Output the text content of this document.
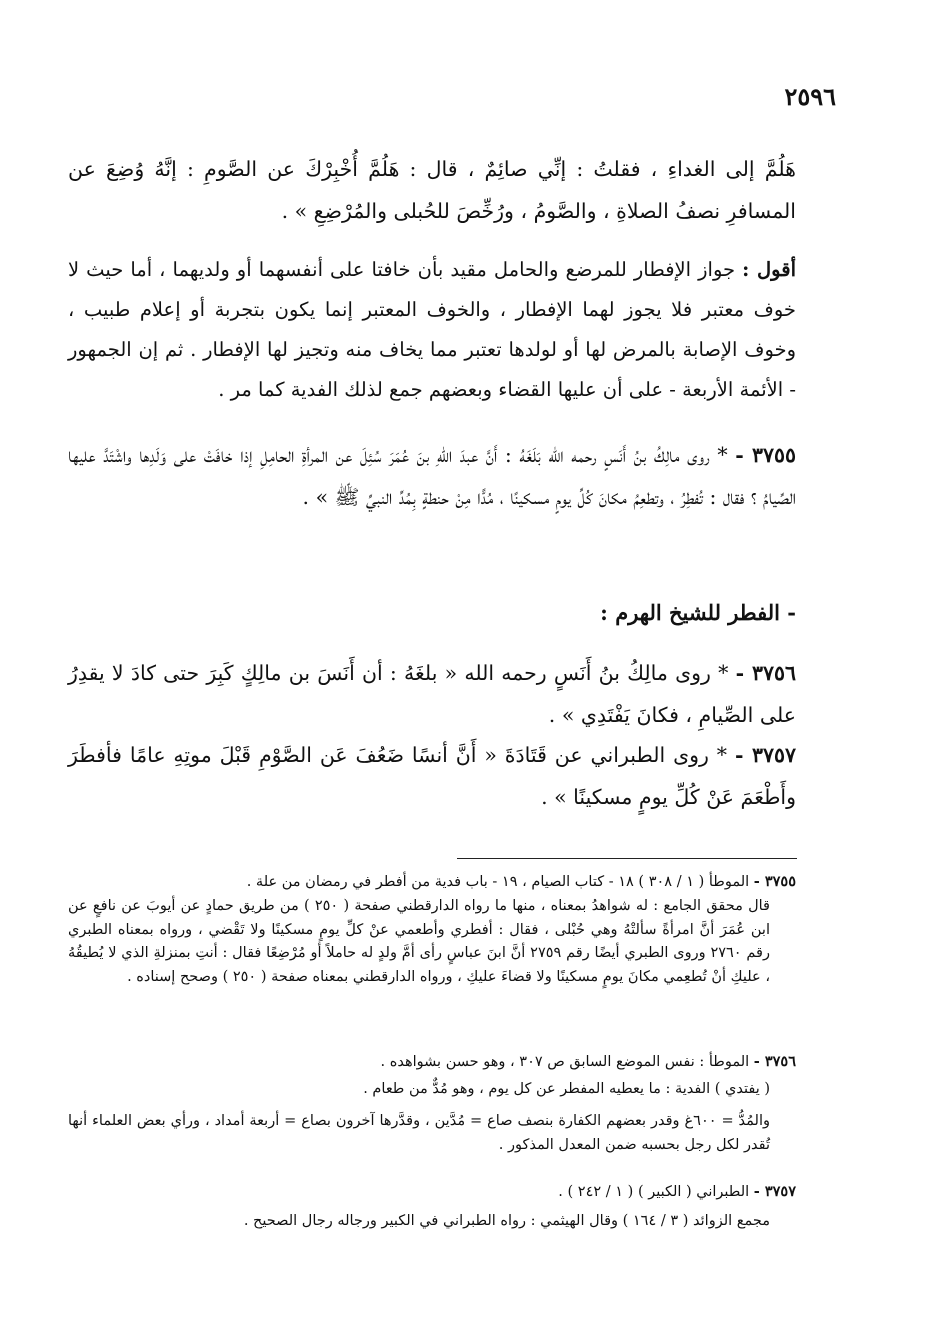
٢٥٩٦

هَلُمَّ إلى الغداءِ ، فقلتُ : إنِّي صائِمٌ ، قال : هَلُمَّ أُخْبِرْكَ عن الصَّومِ : إنَّهُ وُضِعَ عن المسافرِ نصفُ الصلاةِ ، والصَّومُ ، ورُخِّصَ للحُبلى والمُرْضِعِ » .

أقول : جواز الإفطار للمرضع والحامل مقيد بأن خافتا على أنفسهما أو ولديهما ، أما حيث لا خوف معتبر فلا يجوز لهما الإفطار ، والخوف المعتبر إنما يكون بتجربة أو إعلام طبيب ، وخوف الإصابة بالمرض لها أو لولدها تعتبر مما يخاف منه وتجيز لها الإفطار . ثم إن الجمهور - الأئمة الأربعة - على أن عليها القضاء وبعضهم جمع لذلك الفدية كما مر .

٣٧٥٥ - * روى مالِكُ بنُ أَنَسٍ رحمه الله بَلَغَهُ : أَنَّ عبدَ اللهِ بنَ عُمَرَ سُئِلَ عن المرأةِ الحامِلِ إذا خافَتْ على وَلَدِها واشْتَدَّ عليها الصِّيامُ ؟ فقال : تُفطِرُ ، وتطعِمُ مكانَ كُلِّ يومٍ مسكينًا ، مُدًّا مِنْ حنطةٍ بِمُدِّ النبيِّ ﷺ » .

- الفطر للشيخ الهرم :

٣٧٥٦ - * روى مالِكُ بنُ أَنَسٍ رحمه الله « بلغَهُ : أن أَنَسَ بن مالِكٍ كَبِرَ حتى كادَ لا يقدِرُ على الصِّيامِ ، فكانَ يَفْتَدِي » .

٣٧٥٧ - * روى الطبراني عن قَتَادَةَ « أَنَّ أنسًا ضَعُفَ عَن الصَّوْمِ قَبْلَ موتِهِ عامًا فأفطَرَ وأَطْعَمَ عَنْ كُلِّ يومٍ مسكينًا » .

٣٧٥٥ - الموطأ ( ١ / ٣٠٨ ) ١٨ - كتاب الصيام ، ١٩ - باب فدية من أفطر في رمضان من علة .
قال محقق الجامع : له شواهدُ بمعناه ، منها ما رواه الدارقطني صفحة ( ٢٥٠ ) من طريق حمادٍ عن أيوبَ عن نافعٍ عن ابن عُمَرَ أنَّ امرأةً سألتْهُ وهي حُبْلى ، فقال : أفطري وأطعمي عنْ كلِّ يومٍ مسكينًا ولا تَقْضي ، ورواه بمعناه الطبري رقم ٢٧٦٠ وروى الطبري أيضًا رقم ٢٧٥٩ أنَّ ابنَ عباسٍ رأى أمَّ ولدٍ له حاملاً أو مُرْضِعًا فقال : أنتِ بمنزلةِ الذي لا يُطيقُهُ ، عليكِ أنْ تُطعِمي مكانَ يومٍ مسكينًا ولا قضاءَ عليكِ ، ورواه الدارقطني بمعناه صفحة ( ٢٥٠ ) وصحح إسناده .
٣٧٥٦ - الموطأ : نفس الموضع السابق ص ٣٠٧ ، وهو حسن بشواهده .
( يفتدي ) الفدية : ما يعطيه المفطر عن كل يوم ، وهو مُدٌّ من طعام .
والمُدُّ = ٦٠٠غ وقدر بعضهم الكفارة بنصف صاع = مُدَّين ، وقدَّرها آخرون بصاع = أربعة أمداد ، ورأي بعض العلماء أنها تُقدر لكل رجل بحسبه ضمن المعدل المذكور .
٣٧٥٧ - الطبراني ( الكبير ) ( ١ / ٢٤٢ ) .
مجمع الزوائد ( ٣ / ١٦٤ ) وقال الهيثمي : رواه الطبراني في الكبير ورجاله رجال الصحيح .
